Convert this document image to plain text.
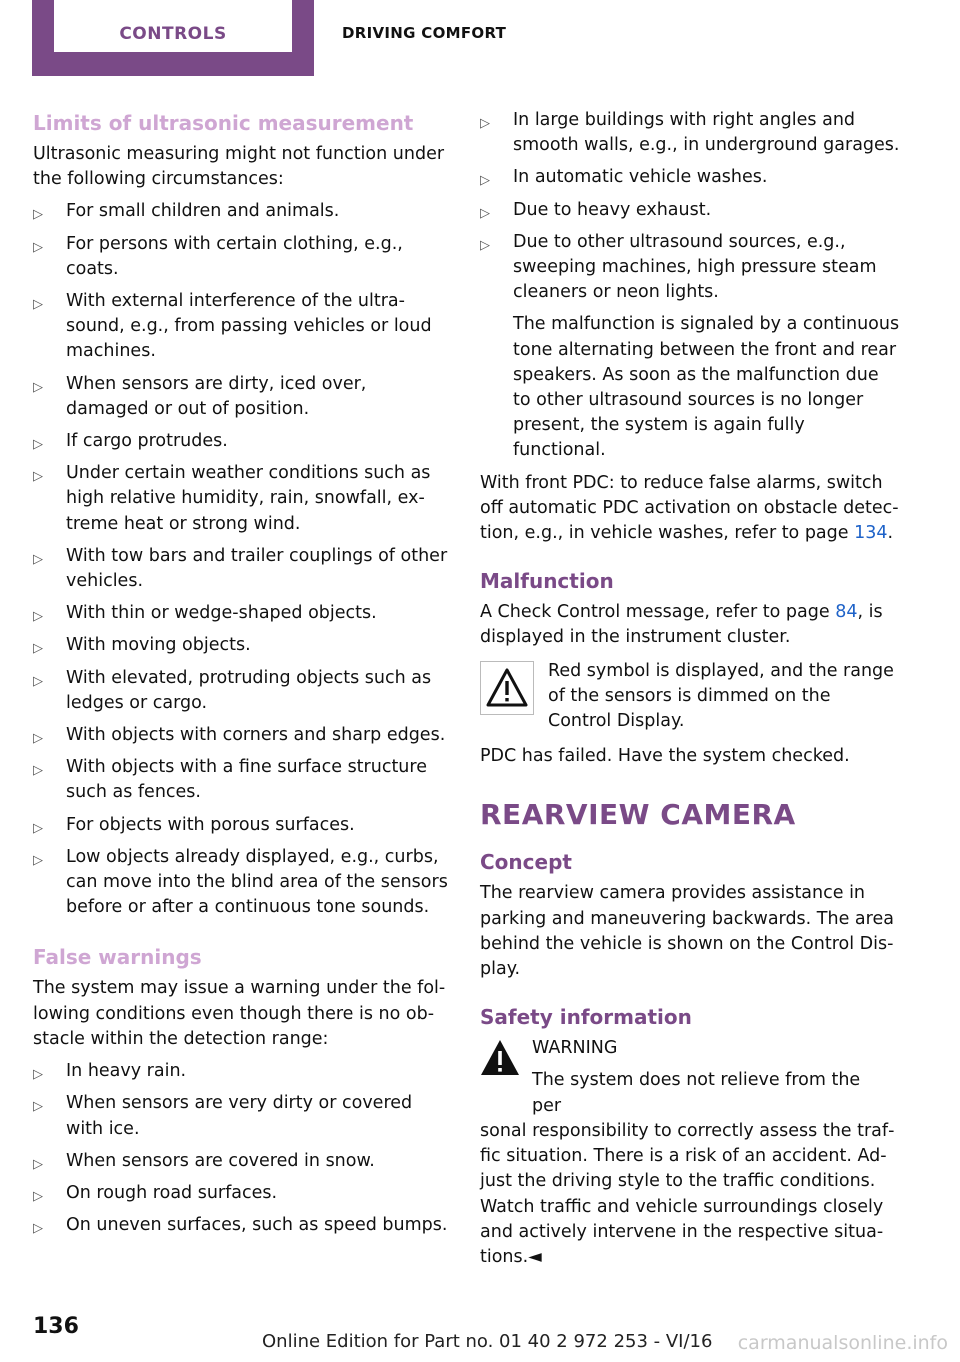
CONTROLS	DRIVING COMFORT
Limits of ultrasonic measurement

Ultrasonic measuring might not function under the following circumstances:

▷ For small children and animals.
▷ For persons with certain clothing, e.g., coats.
▷ With external interference of the ultrasound, e.g., from passing vehicles or loud machines.
▷ When sensors are dirty, iced over, damaged or out of position.
▷ If cargo protrudes.
▷ Under certain weather conditions such as high relative humidity, rain, snowfall, extreme heat or strong wind.
▷ With tow bars and trailer couplings of other vehicles.
▷ With thin or wedge-shaped objects.
▷ With moving objects.
▷ With elevated, protruding objects such as ledges or cargo.
▷ With objects with corners and sharp edges.
▷ With objects with a fine surface structure such as fences.
▷ For objects with porous surfaces.
▷ Low objects already displayed, e.g., curbs, can move into the blind area of the sensors before or after a continuous tone sounds.
False warnings

The system may issue a warning under the following conditions even though there is no obstacle within the detection range:

▷ In heavy rain.
▷ When sensors are very dirty or covered with ice.
▷ When sensors are covered in snow.
▷ On rough road surfaces.
▷ On uneven surfaces, such as speed bumps.
▷ In large buildings with right angles and smooth walls, e.g., in underground garages.
▷ In automatic vehicle washes.
▷ Due to heavy exhaust.
▷ Due to other ultrasound sources, e.g., sweeping machines, high pressure steam cleaners or neon lights.
The malfunction is signaled by a continuous tone alternating between the front and rear speakers. As soon as the malfunction due to other ultrasound sources is no longer present, the system is again fully functional.

With front PDC: to reduce false alarms, switch off automatic PDC activation on obstacle detection, e.g., in vehicle washes, refer to page 134.

Malfunction

A Check Control message, refer to page 84, is displayed in the instrument cluster.

Red symbol is displayed, and the range of the sensors is dimmed on the Control Display.

PDC has failed. Have the system checked.

REARVIEW CAMERA
Concept

The rearview camera provides assistance in parking and maneuvering backwards. The area behind the vehicle is shown on the Control Display.

Safety information
WARNING
The system does not relieve from the per

sonal responsibility to correctly assess the traffic situation. There is a risk of an accident. Adjust the driving style to the traffic conditions. Watch traffic and vehicle surroundings closely and actively intervene in the respective situations.◄

136
Online Edition for Part no. 01 40 2 972 253 - VI/16 carmanualsonline.info
